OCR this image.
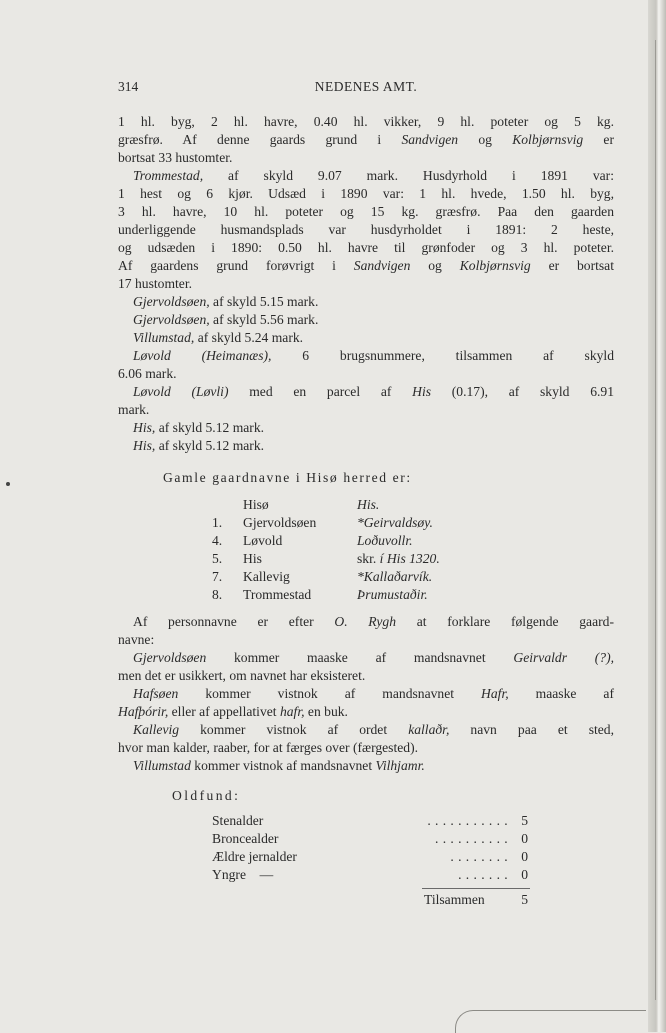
314	NEDENES AMT.
1 hl. byg, 2 hl. havre, 0.40 hl. vikker, 9 hl. poteter og 5 kg.
græsfrø. Af denne gaards grund i Sandvigen og Kolbjørnsvig er
bortsat 33 hustomter.
Trommestad, af skyld 9.07 mark. Husdyrhold i 1891 var:
1 hest og 6 kjør. Udsæd i 1890 var: 1 hl. hvede, 1.50 hl. byg,
3 hl. havre, 10 hl. poteter og 15 kg. græsfrø. Paa den gaarden
underliggende husmandsplads var husdyrholdet i 1891: 2 heste,
og udsæden i 1890: 0.50 hl. havre til grønfoder og 3 hl. poteter.
Af gaardens grund forøvrigt i Sandvigen og Kolbjørnsvig er bortsat
17 hustomter.
Gjervoldsøen, af skyld 5.15 mark.
Gjervoldsøen, af skyld 5.56 mark.
Villumstad, af skyld 5.24 mark.
Løvold (Heimanæs), 6 brugsnummere, tilsammen af skyld
6.06 mark.
Løvold (Løvli) med en parcel af His (0.17), af skyld 6.91
mark.
His, af skyld 5.12 mark.
His, af skyld 5.12 mark.
Gamle gaardnavne i Hisø herred er:
Hisø	His.
1. Gjervoldsøen	*Geirvaldsøy.
4. Løvold	Loðuvollr.
5. His	skr. í His 1320.
7. Kallevig	*Kallaðarvík.
8. Trommestad	Þrumustaðir.
Af personnavne er efter O. Rygh at forklare følgende gaard-
navne:
Gjervoldsøen kommer maaske af mandsnavnet Geirvaldr (?),
men det er usikkert, om navnet har eksisteret.
Hafsøen kommer vistnok af mandsnavnet Hafr, maaske af
Hafþórir, eller af appellativet hafr, en buk.
Kallevig kommer vistnok af ordet kallaðr, navn paa et sted,
hvor man kalder, raaber, for at færges over (færgested).
Villumstad kommer vistnok af mandsnavnet Vilhjamr.
Oldfund:
Stenalder	........... 5
Broncealder	.......... 0
Ældre jernalder	........ 0
Yngre    —	....... 0
Tilsammen	5
